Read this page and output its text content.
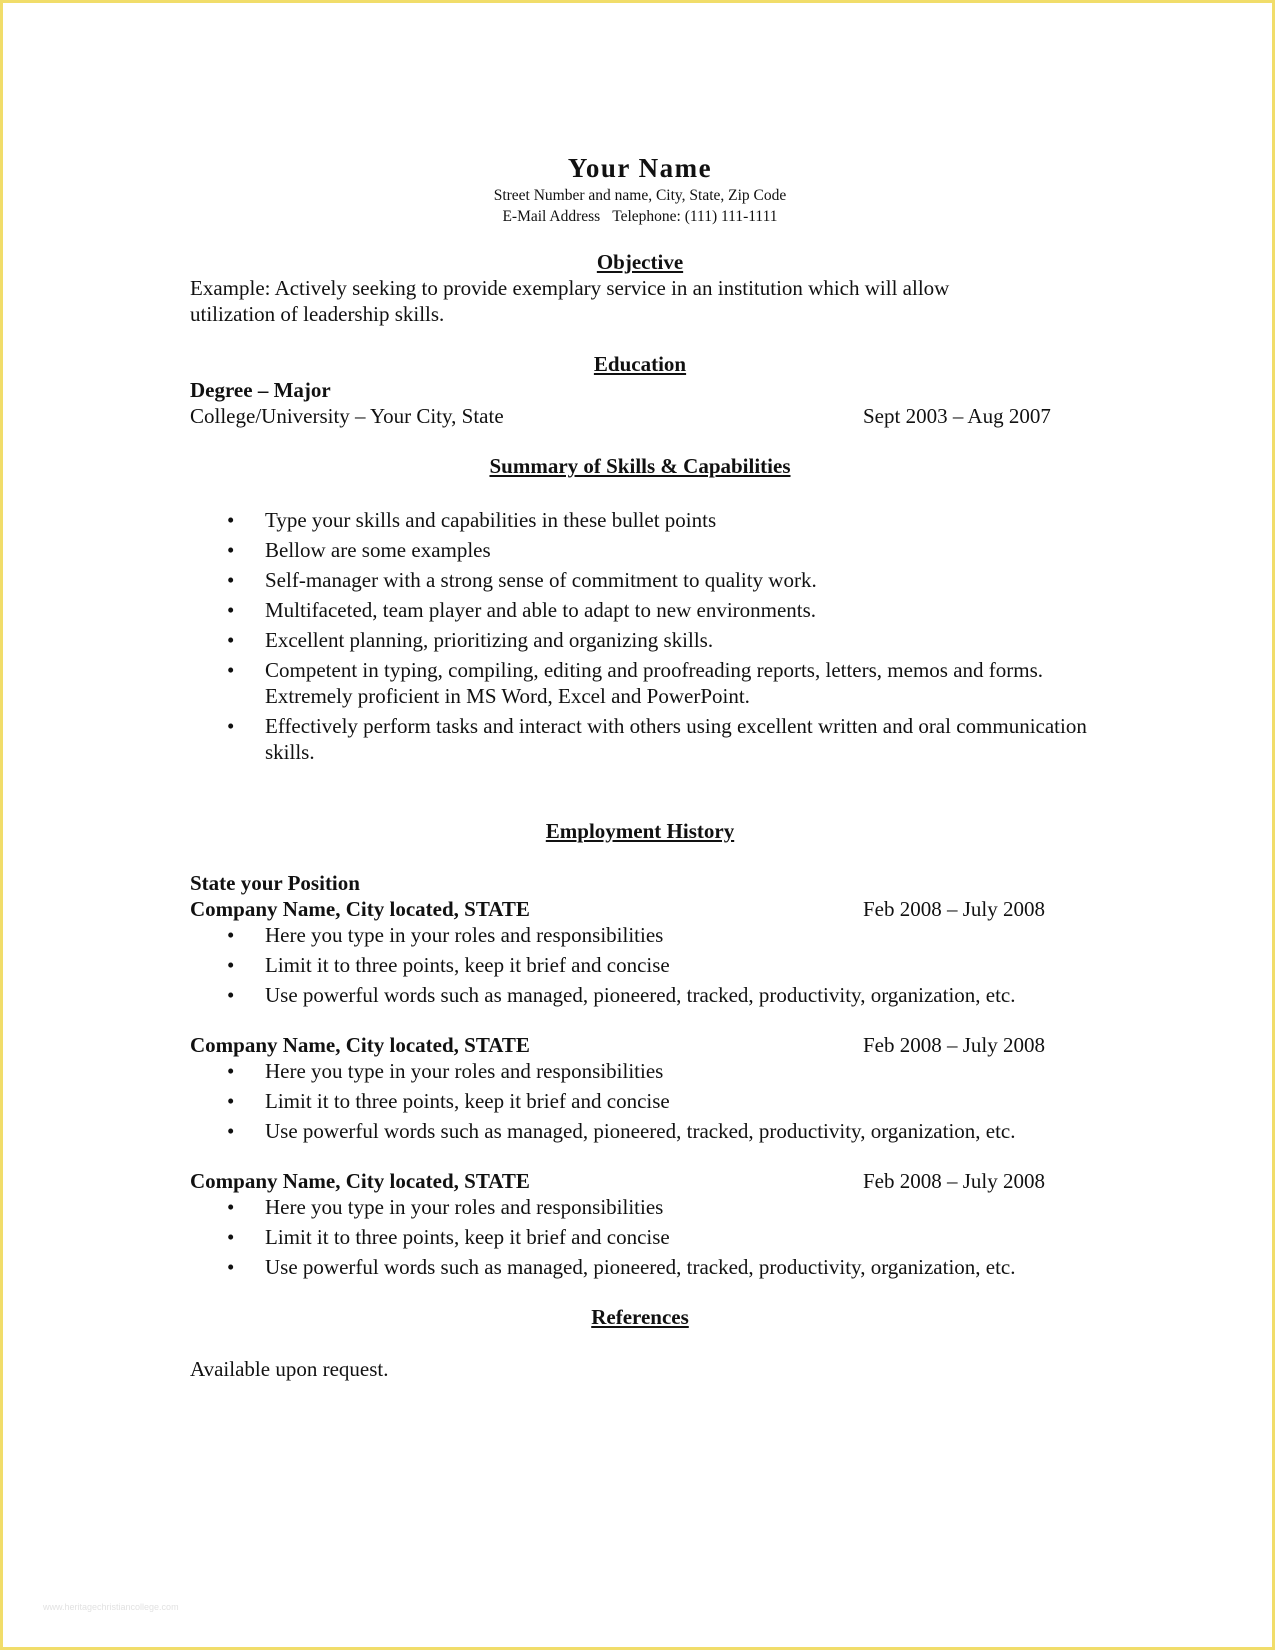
Your Name

Street Number and name, City, State, Zip Code

E-Mail Address Telephone: (111) 111-1111

Objective

Example: Actively seeking to provide exemplary service in an institution which will allow

utilization of leadership skills.

Education

Degree – Major

College/University – Your City, State	Sept 2003 – Aug 2007
Summary of Skills & Capabilities
• Type your skills and capabilities in these bullet points
• Bellow are some examples
• Self-manager with a strong sense of commitment to quality work.
• Multifaceted, team player and able to adapt to new environments.
• Excellent planning, prioritizing and organizing skills.
• Competent in typing, compiling, editing and proofreading reports, letters, memos and forms. Extremely proficient in MS Word, Excel and PowerPoint.
• Effectively perform tasks and interact with others using excellent written and oral communication skills.
Employment History

State your Position

Company Name, City located, STATE	Feb 2008 – July 2008
• Here you type in your roles and responsibilities
• Limit it to three points, keep it brief and concise
• Use powerful words such as managed, pioneered, tracked, productivity, organization, etc.
Company Name, City located, STATE	Feb 2008 – July 2008
• Here you type in your roles and responsibilities
• Limit it to three points, keep it brief and concise
• Use powerful words such as managed, pioneered, tracked, productivity, organization, etc.
Company Name, City located, STATE	Feb 2008 – July 2008
• Here you type in your roles and responsibilities
• Limit it to three points, keep it brief and concise
• Use powerful words such as managed, pioneered, tracked, productivity, organization, etc.
References

Available upon request.

www.heritagechristiancollege.com
